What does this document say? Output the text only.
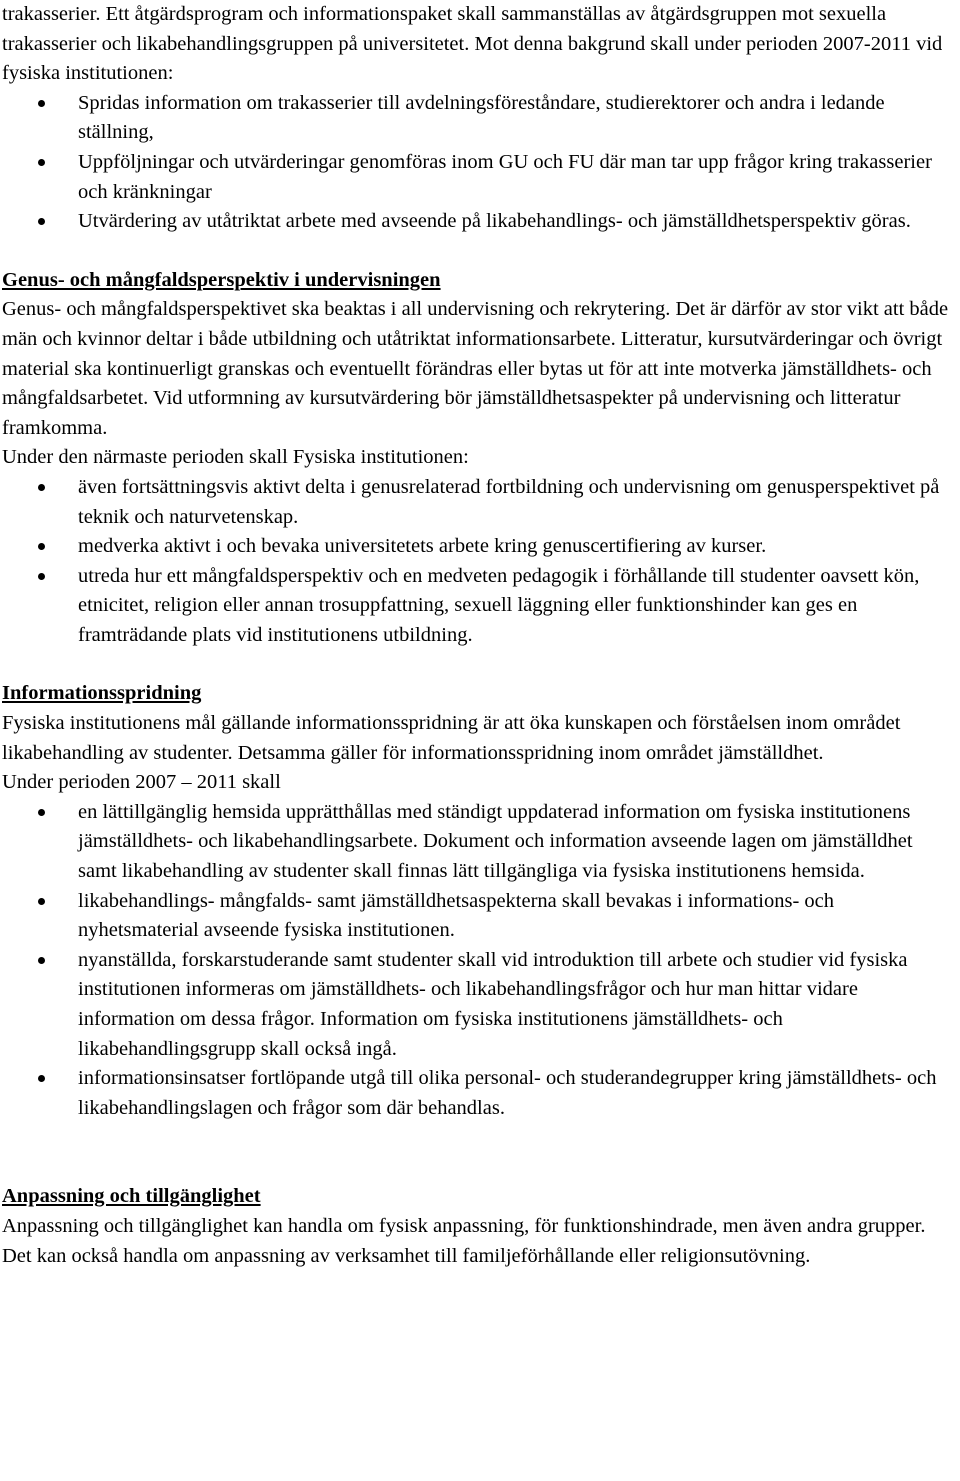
trakasserier. Ett åtgärdsprogram och informationspaket skall sammanställas av åtgärdsgruppen mot sexuella trakasserier och likabehandlingsgruppen på universitetet. Mot denna bakgrund skall under perioden 2007-2011 vid fysiska institutionen:

Spridas information om trakasserier till avdelningsföreståndare, studierektorer och andra i ledande ställning,
Uppföljningar och utvärderingar genomföras inom GU och FU där man tar upp frågor kring trakasserier och kränkningar
Utvärdering av utåtriktat arbete med avseende på likabehandlings- och jämställdhetsperspektiv göras.

Genus- och mångfaldsperspektiv i undervisningen

Genus- och mångfaldsperspektivet ska beaktas i all undervisning och rekrytering. Det är därför av stor vikt att både män och kvinnor deltar i både utbildning och utåtriktat informationsarbete. Litteratur, kursutvärderingar och övrigt material ska kontinuerligt granskas och eventuellt förändras eller bytas ut för att inte motverka jämställdhets- och mångfaldsarbetet. Vid utformning av kursutvärdering bör jämställdhetsaspekter på undervisning och litteratur framkomma.

Under den närmaste perioden skall Fysiska institutionen:

även fortsättningsvis aktivt delta i genusrelaterad fortbildning och undervisning om genusperspektivet på teknik och naturvetenskap.
medverka aktivt i och bevaka universitetets arbete kring genuscertifiering av kurser.
utreda hur ett mångfaldsperspektiv och en medveten pedagogik i förhållande till studenter oavsett kön, etnicitet, religion eller annan trosuppfattning, sexuell läggning eller funktionshinder kan ges en framträdande plats vid institutionens utbildning.

Informationsspridning

Fysiska institutionens mål gällande informationsspridning är att öka kunskapen och förståelsen inom området likabehandling av studenter. Detsamma gäller för informationsspridning inom området jämställdhet.

Under perioden 2007 – 2011 skall

en lättillgänglig hemsida upprätthållas med ständigt uppdaterad information om fysiska institutionens jämställdhets- och likabehandlingsarbete. Dokument och information avseende lagen om jämställdhet samt likabehandling av studenter skall finnas lätt tillgängliga via fysiska institutionens hemsida.
likabehandlings- mångfalds- samt jämställdhetsaspekterna skall bevakas i informations- och nyhetsmaterial avseende fysiska institutionen.
nyanställda, forskarstuderande samt studenter skall vid introduktion till arbete och studier vid fysiska institutionen informeras om jämställdhets- och likabehandlingsfrågor och hur man hittar vidare information om dessa frågor. Information om fysiska institutionens jämställdhets- och likabehandlingsgrupp skall också ingå.
informationsinsatser fortlöpande utgå till olika personal- och studerandegrupper kring jämställdhets- och likabehandlingslagen och frågor som där behandlas.

Anpassning och tillgänglighet

Anpassning och tillgänglighet kan handla om fysisk anpassning, för funktionshindrade, men även andra grupper. Det kan också handla om anpassning av verksamhet till familjeförhållande eller religionsutövning.
